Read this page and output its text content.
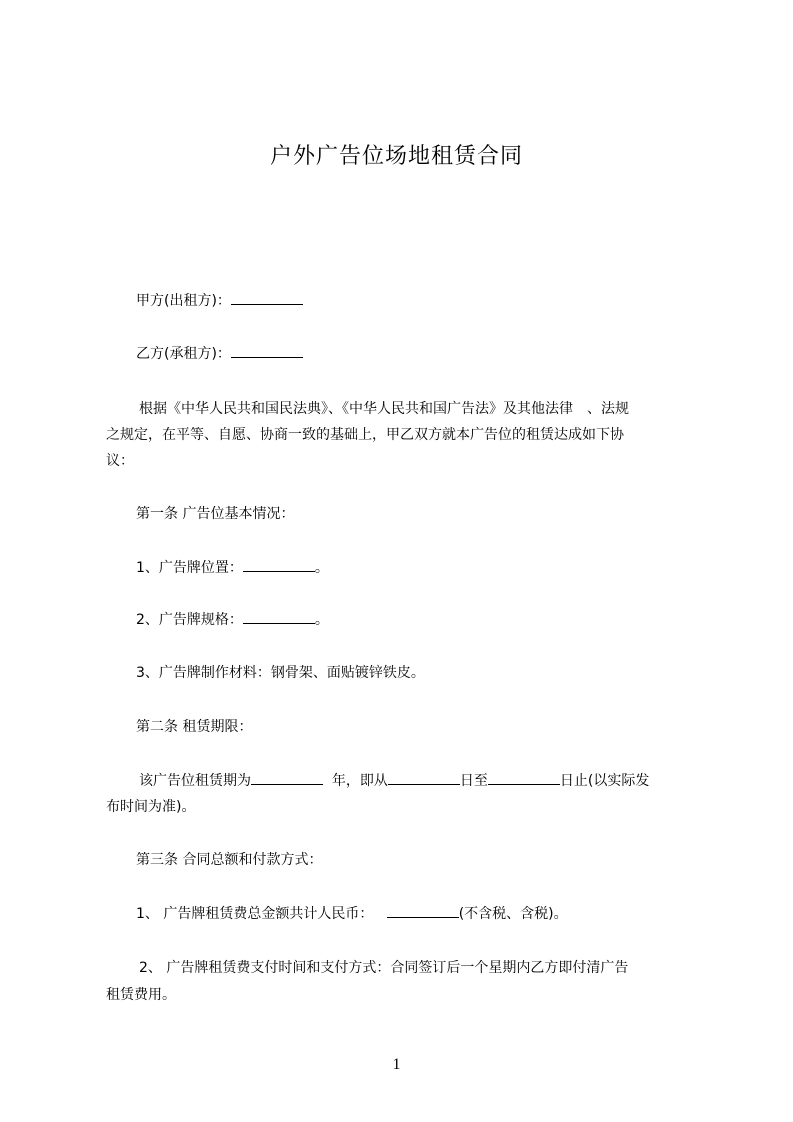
户外广告位场地租赁合同
甲方(出租方)：
乙方(承租方)：
根据《中华人民共和国民法典》、《中华人民共和国广告法》及其他法律　、法规
之规定，在平等、自愿、协商一致的基础上，甲乙双方就本广告位的租赁达成如下协
议：
第一条 广告位基本情况：
1、广告牌位置：	。
2、广告牌规格：	。
3、广告牌制作材料：钢骨架、面贴镀锌铁皮。
第二条 租赁期限：
该广告位租赁期为	年，即从	日至	日止(以实际发
布时间为准)。
第三条 合同总额和付款方式：
1、 广告牌租赁费总金额共计人民币：	(不含税、含税)。
2、 广告牌租赁费支付时间和支付方式：合同签订后一个星期内乙方即付清广告
租赁费用。
1
